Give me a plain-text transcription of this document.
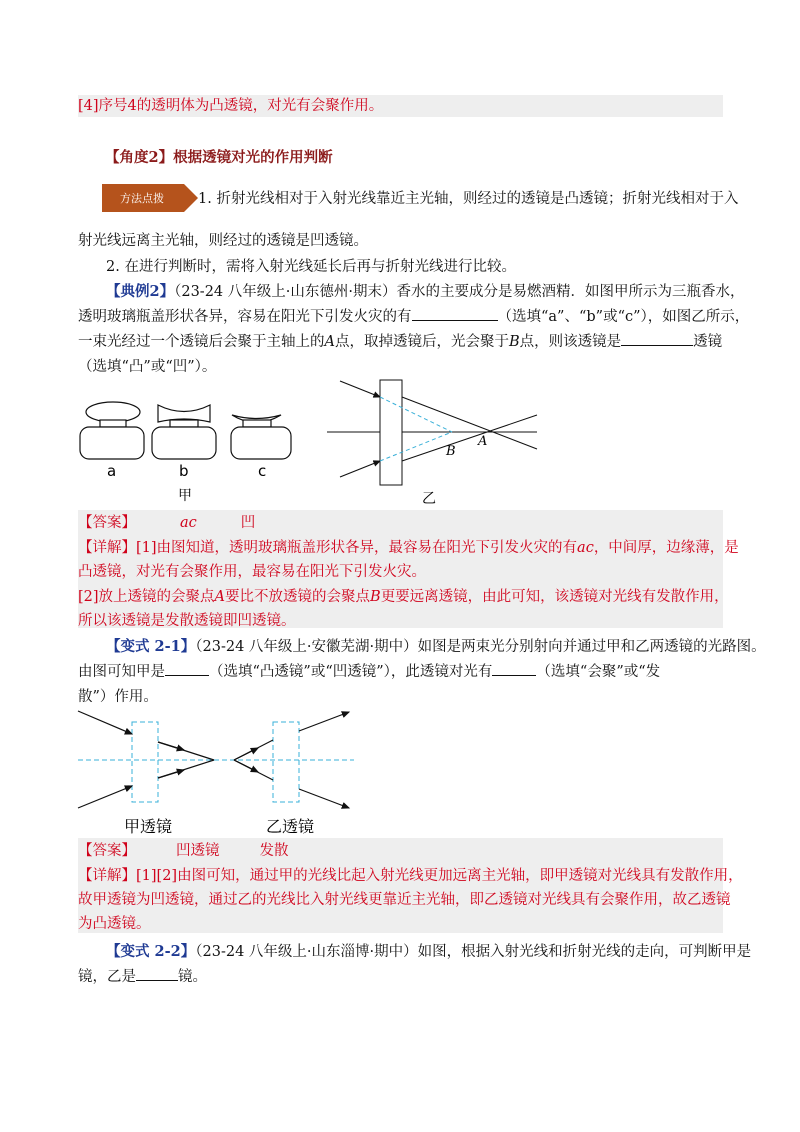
[4]序号4的透明体为凸透镜，对光有会聚作用。
【角度2】根据透镜对光的作用判断
方法点拨 1. 折射光线相对于入射光线靠近主光轴，则经过的透镜是凸透镜；折射光线相对于入
射光线远离主光轴，则经过的透镜是凹透镜。
2. 在进行判断时，需将入射光线延长后再与折射光线进行比较。
【典例2】（23-24 八年级上·山东德州·期末）香水的主要成分是易燃酒精．如图甲所示为三瓶香水，
透明玻璃瓶盖形状各异，容易在阳光下引发火灾的有	（选填“a”、“b”或“c”），如图乙所示，
一束光经过一个透镜后会聚于主轴上的A点，取掉透镜后，光会聚于B点，则该透镜是	透镜
（选填“凸”或“凹”）。
a	b	c
甲
B
A
乙
【答案】	ac	凹
【详解】[1]由图知道，透明玻璃瓶盖形状各异，最容易在阳光下引发火灾的有ac，中间厚，边缘薄，是
凸透镜，对光有会聚作用，最容易在阳光下引发火灾。
[2]放上透镜的会聚点A要比不放透镜的会聚点B更要远离透镜，由此可知，该透镜对光线有发散作用，
所以该透镜是发散透镜即凹透镜。
【变式 2-1】（23-24 八年级上·安徽芜湖·期中）如图是两束光分别射向并通过甲和乙两透镜的光路图。
由图可知甲是	（选填“凸透镜”或“凹透镜”），此透镜对光有	（选填“会聚”或“发
散”）作用。
甲透镜	乙透镜
【答案】	凹透镜	发散
【详解】[1][2]由图可知，通过甲的光线比起入射光线更加远离主光轴，即甲透镜对光线具有发散作用，
故甲透镜为凹透镜，通过乙的光线比入射光线更靠近主光轴，即乙透镜对光线具有会聚作用，故乙透镜
为凸透镜。
【变式 2-2】（23-24 八年级上·山东淄博·期中）如图，根据入射光线和折射光线的走向，可判断甲是
镜，乙是	镜。
